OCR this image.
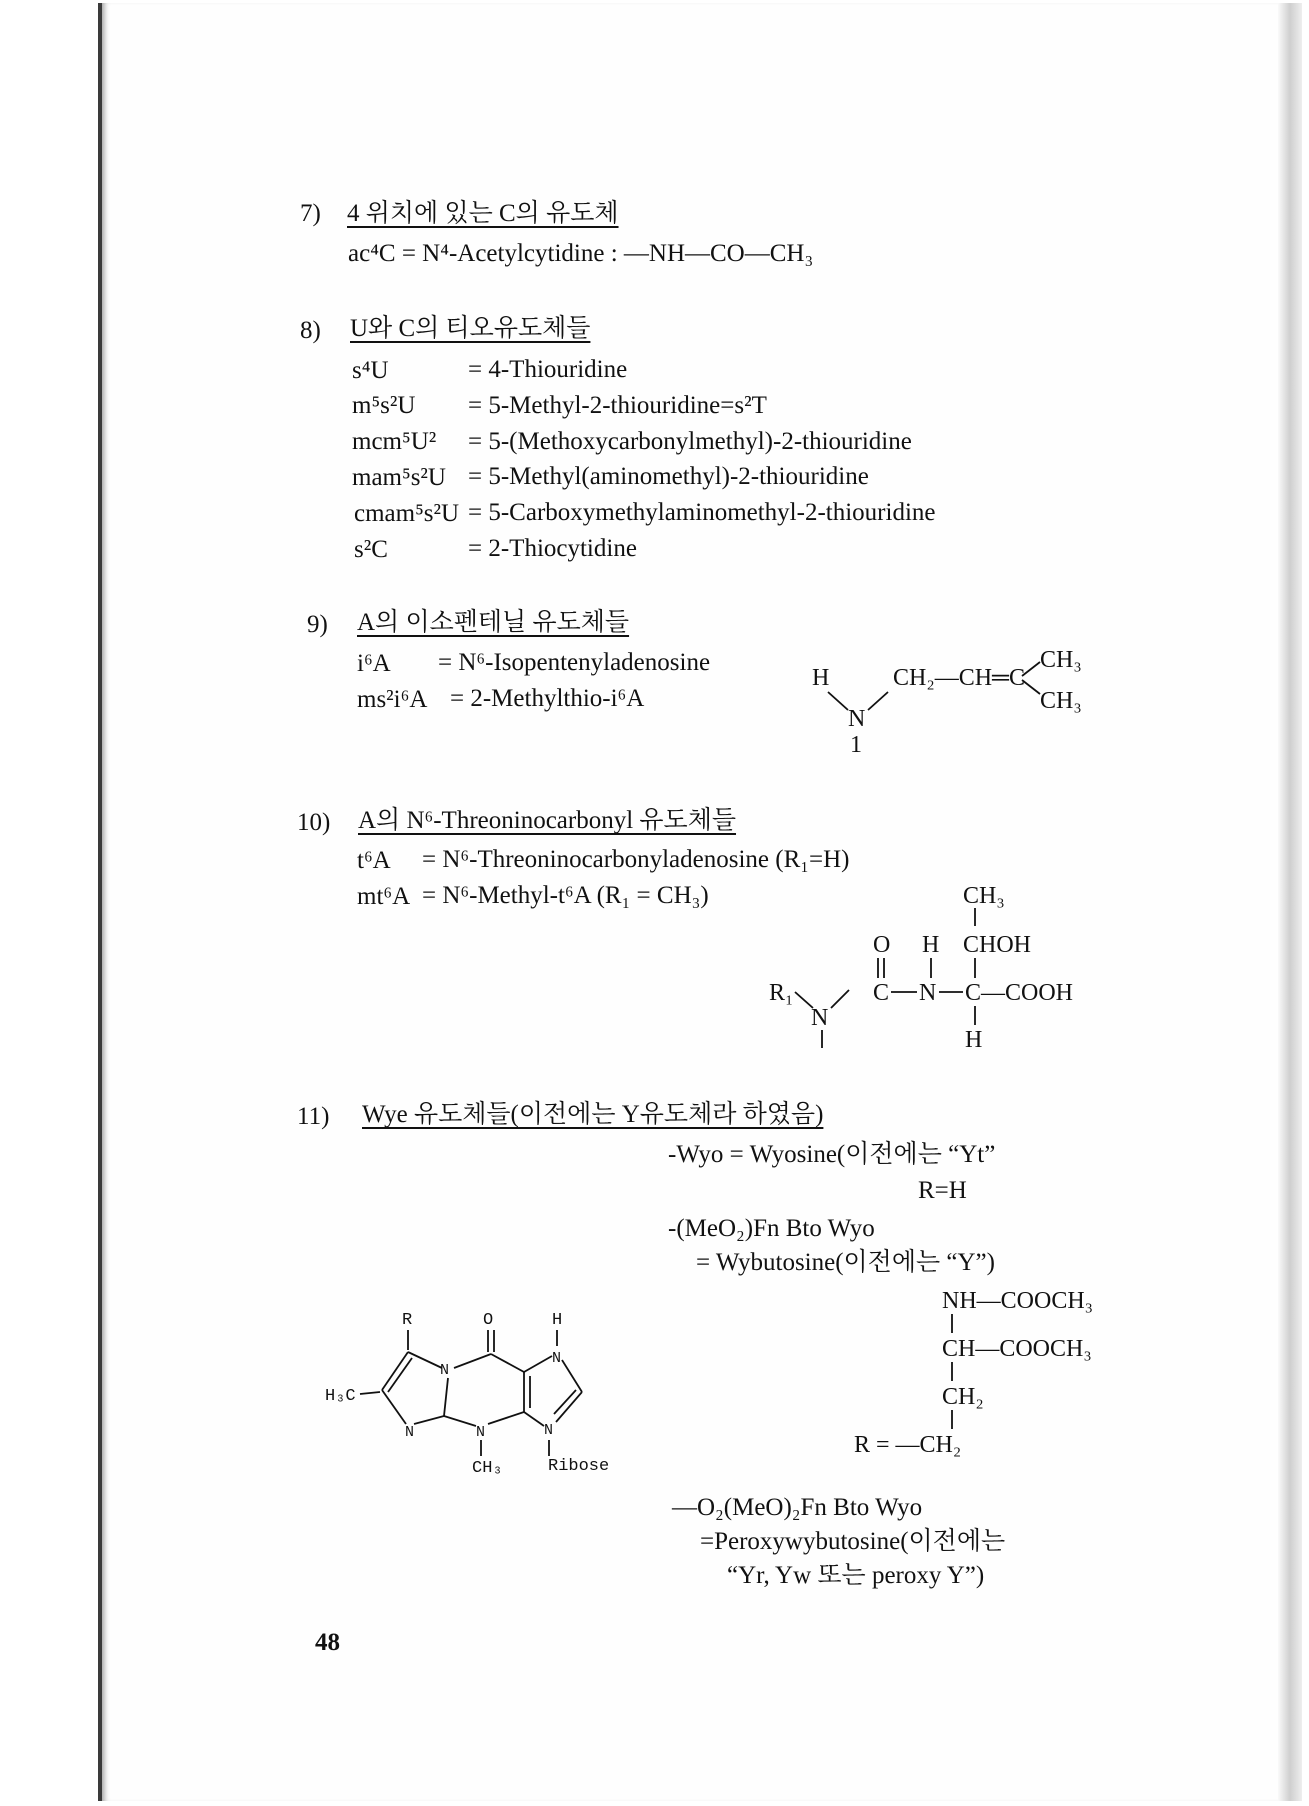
7) 4 위치에 있는 C의 유도체
ac⁴C = N⁴-Acetylcytidine : —NH—CO—CH₃
8) U와 C의 티오유도체들
s⁴U	= 4-Thiouridine
m⁵s²U = 5-Methyl-2-thiouridine=s²T
mcm⁵U² = 5-(Methoxycarbonylmethyl)-2-thiouridine
mam⁵s²U = 5-Methyl(aminomethyl)-2-thiouridine
cmam⁵s²U = 5-Carboxymethylaminomethyl-2-thiouridine
s²C	= 2-Thiocytidine
9) A의 이소펜테닐 유도체들
i⁶A = N⁶-Isopentenyladenosine
ms²i⁶A = 2-Methylthio-i⁶A
H
N
1
CH₂—CH═C
CH₃
CH₃
10) A의 N⁶-Threoninocarbonyl 유도체들
t⁶A = N⁶-Threoninocarbonyladenosine (R₁=H)
mt⁶A = N⁶-Methyl-t⁶A (R₁ = CH₃)	CH₃
O H CHOH
R₁
N
C N C —COOH
H
11) Wye 유도체들(이전에는 Y유도체라 하였음)
-Wyo = Wyosine(이전에는 “Yt”
R=H
-(MeO₂)Fn Bto Wyo
= Wybutosine(이전에는 “Y”)
NH—COOCH₃
CH—COOCH₃
CH₂
R = —CH₂
R	O	H
H₃C
N
N
N	N	N
CH₃	Ribose
—O₂(MeO)₂Fn Bto Wyo
=Peroxywybutosine(이전에는
“Yr, Yw 또는 peroxy Y”)
48
